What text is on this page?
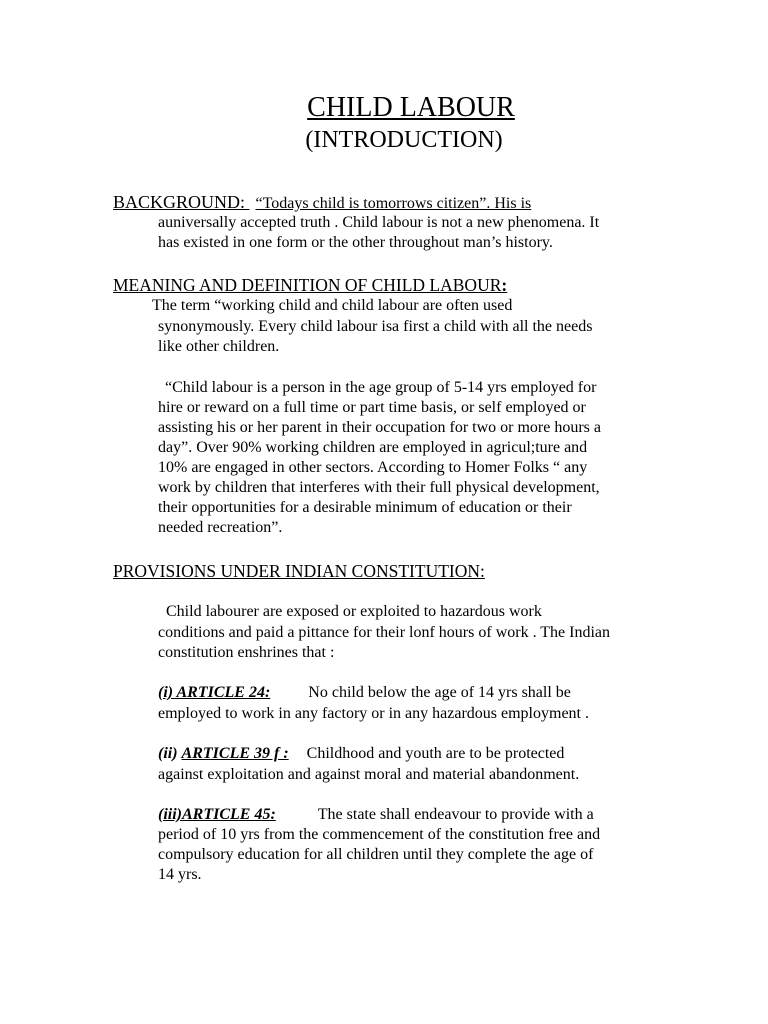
CHILD LABOUR
(INTRODUCTION)
BACKGROUND: “Todays child is tomorrows citizen”. His is
auniversally accepted truth . Child labour is not a new phenomena. It
has existed in one form or the other throughout man’s history.
MEANING AND DEFINITION OF CHILD LABOUR:
The term “working child and child labour are often used
synonymously. Every child labour isa first a child with all the needs
like other children.
“Child labour is a person in the age group of 5-14 yrs employed for
hire or reward on a full time or part time basis, or self employed or
assisting his or her parent in their occupation for two or more hours a
day”. Over 90% working children are employed in agricul;ture and
10% are engaged in other sectors. According to Homer Folks “ any
work by children that interferes with their full physical development,
their opportunities for a desirable minimum of education or their
needed recreation”.
PROVISIONS UNDER INDIAN CONSTITUTION:
Child labourer are exposed or exploited to hazardous work
conditions and paid a pittance for their lonf hours of work . The Indian
constitution enshrines that :
(i) ARTICLE 24: No child below the age of 14 yrs shall be
employed to work in any factory or in any hazardous employment .
(ii) ARTICLE 39 f : Childhood and youth are to be protected
against exploitation and against moral and material abandonment.
(iii)ARTICLE 45:	The state shall endeavour to provide with a
period of 10 yrs from the commencement of the constitution free and
compulsory education for all children until they complete the age of
14 yrs.
